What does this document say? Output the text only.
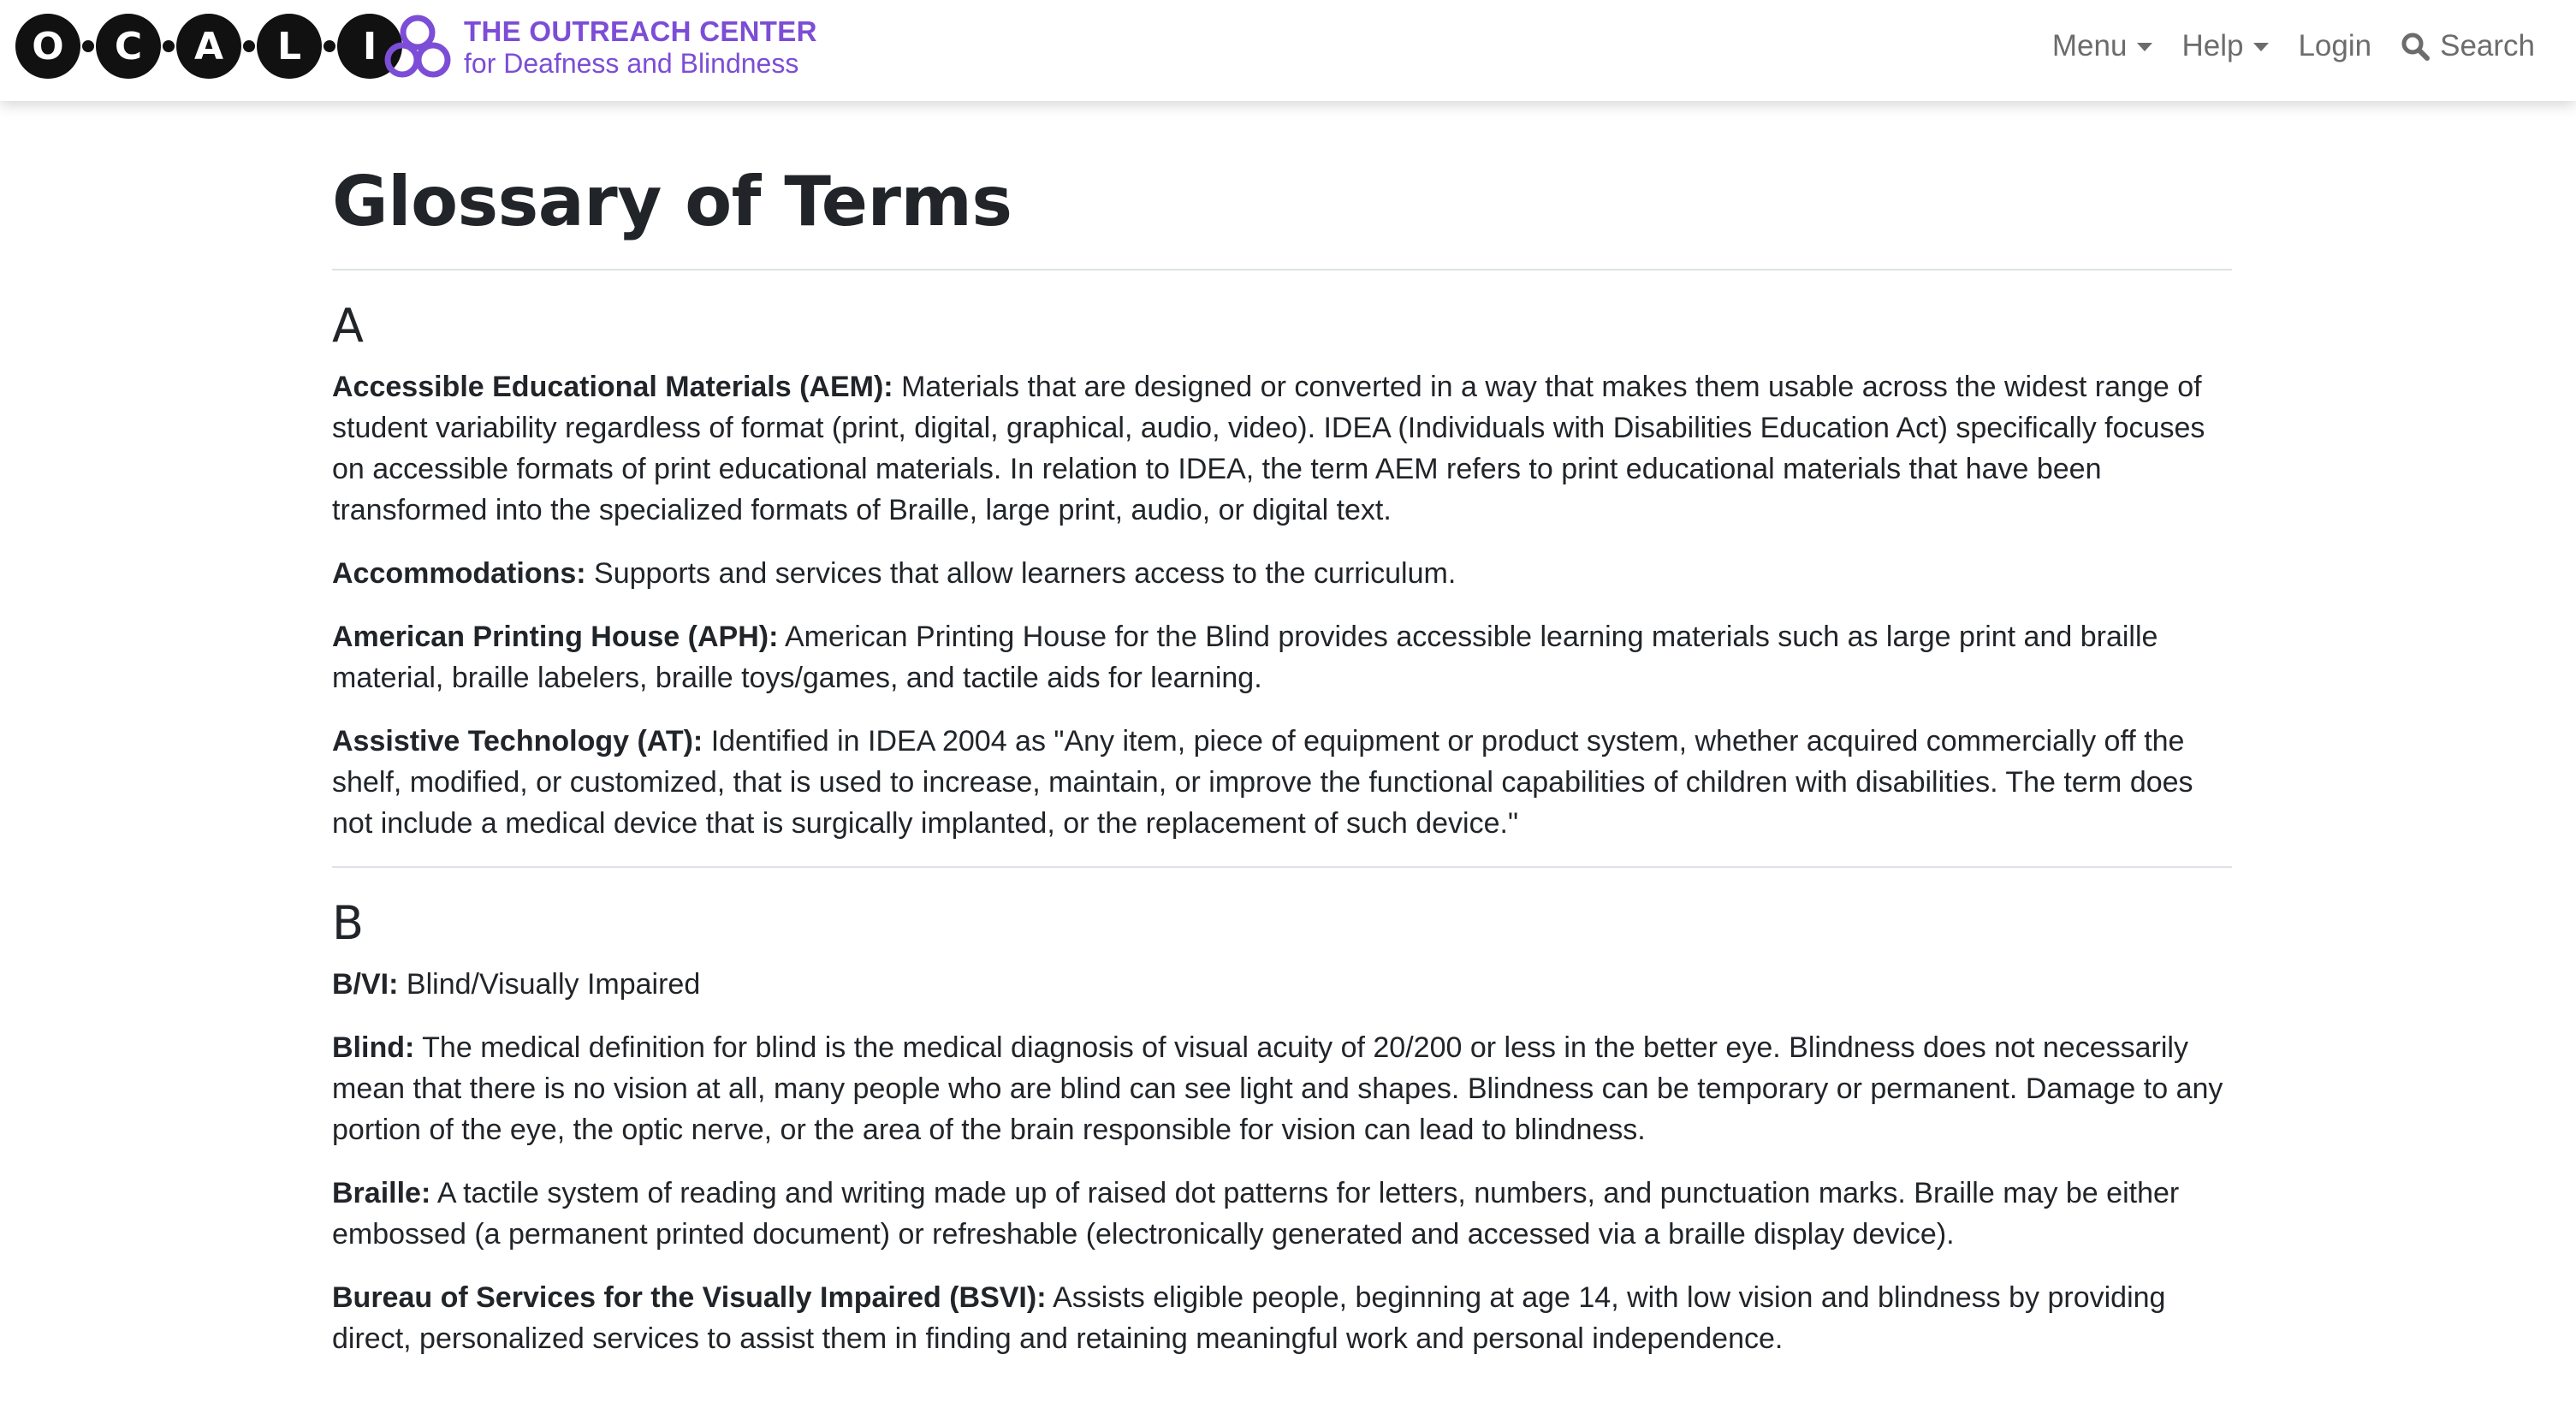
O	C	A	L	I	THE OUTREACH CENTER
for Deafness and Blindness
Menu Help Login Search
Glossary of Terms
A

Accessible Educational Materials (AEM): Materials that are designed or converted in a way that makes them usable across the widest range of student variability regardless of format (print, digital, graphical, audio, video). IDEA (Individuals with Disabilities Education Act) specifically focuses on accessible formats of print educational materials. In relation to IDEA, the term AEM refers to print educational materials that have been transformed into the specialized formats of Braille, large print, audio, or digital text.

Accommodations: Supports and services that allow learners access to the curriculum.

American Printing House (APH): American Printing House for the Blind provides accessible learning materials such as large print and braille material, braille labelers, braille toys/games, and tactile aids for learning.

Assistive Technology (AT): Identified in IDEA 2004 as "Any item, piece of equipment or product system, whether acquired commercially off the shelf, modified, or customized, that is used to increase, maintain, or improve the functional capabilities of children with disabilities. The term does not include a medical device that is surgically implanted, or the replacement of such device."

B

B/VI: Blind/Visually Impaired

Blind: The medical definition for blind is the medical diagnosis of visual acuity of 20/200 or less in the better eye. Blindness does not necessarily mean that there is no vision at all, many people who are blind can see light and shapes. Blindness can be temporary or permanent. Damage to any portion of the eye, the optic nerve, or the area of the brain responsible for vision can lead to blindness.

Braille: A tactile system of reading and writing made up of raised dot patterns for letters, numbers, and punctuation marks. Braille may be either embossed (a permanent printed document) or refreshable (electronically generated and accessed via a braille display device).

Bureau of Services for the Visually Impaired (BSVI): Assists eligible people, beginning at age 14, with low vision and blindness by providing direct, personalized services to assist them in finding and retaining meaningful work and personal independence.
